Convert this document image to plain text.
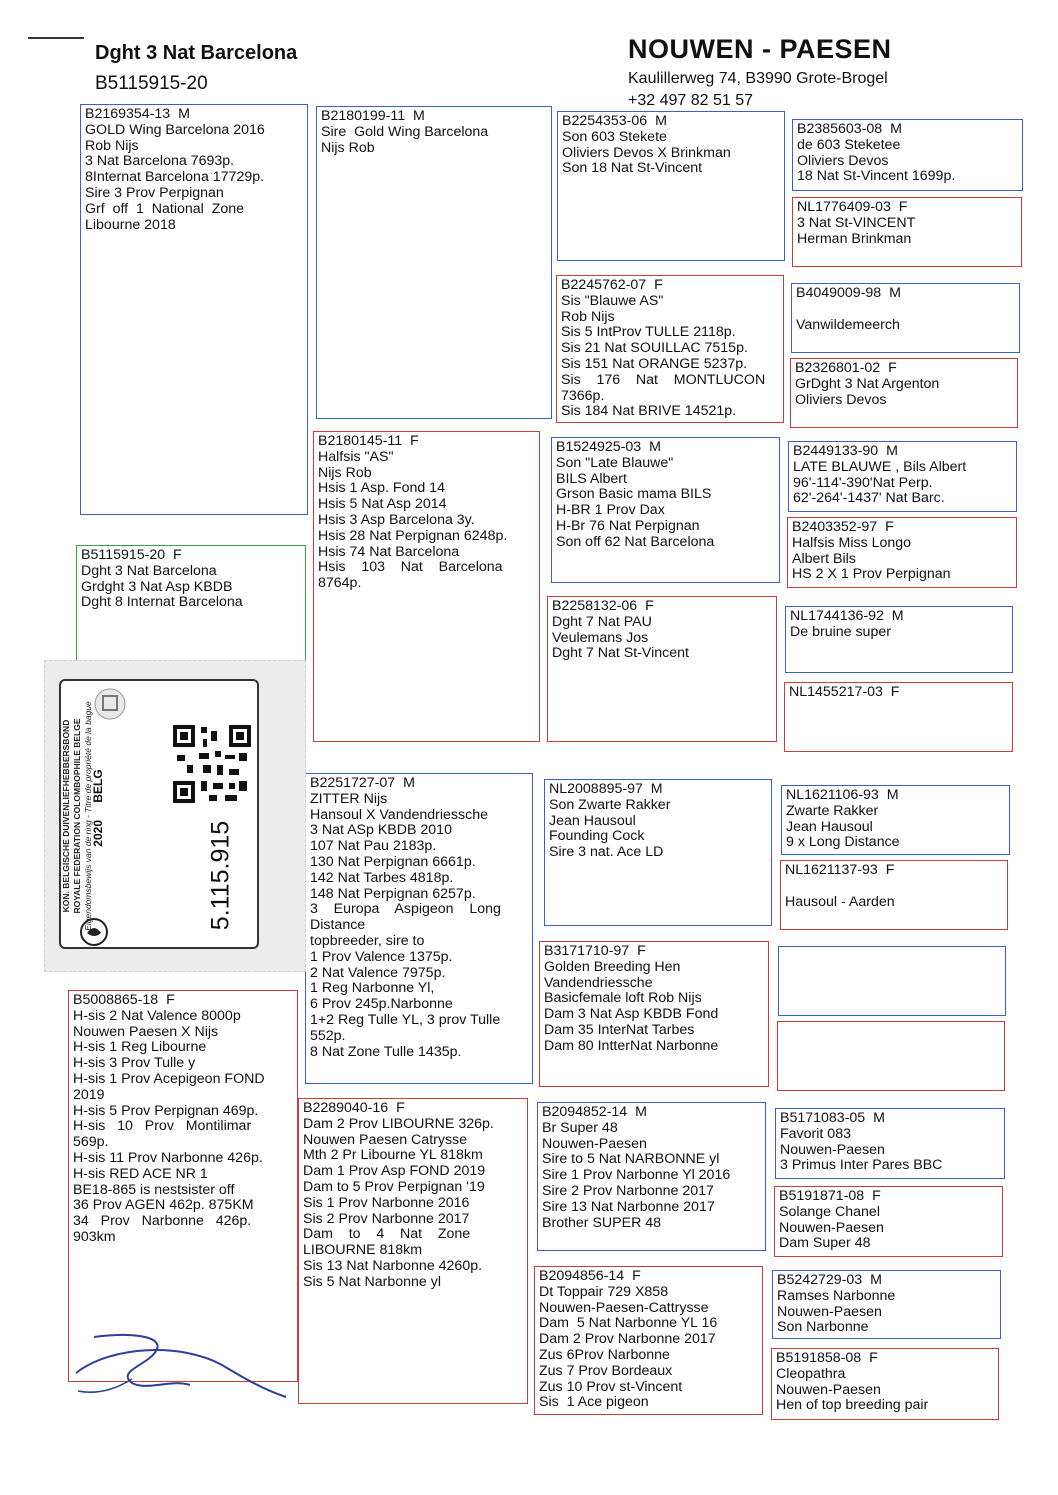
Dght 3 Nat Barcelona
B5115915-20
NOUWEN - PAESEN
Kaulillerweg 74, B3990 Grote-Brogel
+32 497 82 51 57
B2169354-13  M
GOLD Wing Barcelona 2016
Rob Nijs
3 Nat Barcelona 7693p.
8Internat Barcelona 17729p.
Sire 3 Prov Perpignan
Grf  off  1  National  Zone
Libourne 2018
B5115915-20  F
Dght 3 Nat Barcelona
Grdght 3 Nat Asp KBDB
Dght 8 Internat Barcelona
B5008865-18  F
H-sis 2 Nat Valence 8000p
Nouwen Paesen X Nijs
H-sis 1 Reg Libourne
H-sis 3 Prov Tulle y
H-sis 1 Prov Acepigeon FOND
2019
H-sis 5 Prov Perpignan 469p.
H-sis   10   Prov   Montilimar
569p.
H-sis 11 Prov Narbonne 426p.
H-sis RED ACE NR 1
BE18-865 is nestsister off
36 Prov AGEN 462p. 875KM
34   Prov   Narbonne   426p.
903km
B2180199-11  M
Sire  Gold Wing Barcelona
Nijs Rob
B2180145-11  F
Halfsis "AS"
Nijs Rob
Hsis 1 Asp. Fond 14
Hsis 5 Nat Asp 2014
Hsis 3 Asp Barcelona 3y.
Hsis 28 Nat Perpignan 6248p.
Hsis 74 Nat Barcelona
Hsis    103    Nat    Barcelona
8764p.
B2251727-07  M
ZITTER Nijs
Hansoul X Vandendriessche
3 Nat ASp KBDB 2010
107 Nat Pau 2183p.
130 Nat Perpignan 6661p.
142 Nat Tarbes 4818p.
148 Nat Perpignan 6257p.
3    Europa    Aspigeon    Long
Distance
topbreeder, sire to
1 Prov Valence 1375p.
2 Nat Valence 7975p.
1 Reg Narbonne Yl,
6 Prov 245p.Narbonne
1+2 Reg Tulle YL, 3 prov Tulle
552p.
8 Nat Zone Tulle 1435p.
B2289040-16  F
Dam 2 Prov LIBOURNE 326p.
Nouwen Paesen Catrysse
Mth 2 Pr Libourne YL 818km
Dam 1 Prov Asp FOND 2019
Dam to 5 Prov Perpignan '19
Sis 1 Prov Narbonne 2016
Sis 2 Prov Narbonne 2017
Dam    to    4    Nat    Zone
LIBOURNE 818km
Sis 13 Nat Narbonne 4260p.
Sis 5 Nat Narbonne yl
B2254353-06  M
Son 603 Stekete
Oliviers Devos X Brinkman
Son 18 Nat St-Vincent
B2245762-07  F
Sis "Blauwe AS"
Rob Nijs
Sis 5 IntProv TULLE 2118p.
Sis 21 Nat SOUILLAC 7515p.
Sis 151 Nat ORANGE 5237p.
Sis    176    Nat    MONTLUCON
7366p.
Sis 184 Nat BRIVE 14521p.
B1524925-03  M
Son "Late Blauwe"
BILS Albert
Grson Basic mama BILS
H-BR 1 Prov Dax
H-Br 76 Nat Perpignan
Son off 62 Nat Barcelona
B2258132-06  F
Dght 7 Nat PAU
Veulemans Jos
Dght 7 Nat St-Vincent
NL2008895-97  M
Son Zwarte Rakker
Jean Hausoul
Founding Cock
Sire 3 nat. Ace LD
B3171710-97  F
Golden Breeding Hen
Vandendriessche
Basicfemale loft Rob Nijs
Dam 3 Nat Asp KBDB Fond
Dam 35 InterNat Tarbes
Dam 80 IntterNat Narbonne
B2094852-14  M
Br Super 48
Nouwen-Paesen
Sire to 5 Nat NARBONNE yl
Sire 1 Prov Narbonne Yl 2016
Sire 2 Prov Narbonne 2017
Sire 13 Nat Narbonne 2017
Brother SUPER 48
B2094856-14  F
Dt Toppair 729 X858
Nouwen-Paesen-Cattrysse
Dam  5 Nat Narbonne YL 16
Dam 2 Prov Narbonne 2017
Zus 6Prov Narbonne
Zus 7 Prov Bordeaux
Zus 10 Prov st-Vincent
Sis  1 Ace pigeon
B2385603-08  M
de 603 Steketee
Oliviers Devos
18 Nat St-Vincent 1699p.
NL1776409-03  F
3 Nat St-VINCENT
Herman Brinkman
B4049009-98  M

Vanwildemeerch
B2326801-02  F
GrDght 3 Nat Argenton
Oliviers Devos
B2449133-90  M
LATE BLAUWE , Bils Albert
96'-114'-390'Nat Perp.
62'-264'-1437' Nat Barc.
B2403352-97  F
Halfsis Miss Longo
Albert Bils
HS 2 X 1 Prov Perpignan
NL1744136-92  M
De bruine super
NL1455217-03  F
NL1621106-93  M
Zwarte Rakker
Jean Hausoul
9 x Long Distance
NL1621137-93  F

Hausoul - Aarden
B5171083-05  M
Favorit 083
Nouwen-Paesen
3 Primus Inter Pares BBC
B5191871-08  F
Solange Chanel
Nouwen-Paesen
Dam Super 48
B5242729-03  M
Ramses Narbonne
Nouwen-Paesen
Son Narbonne
B5191858-08  F
Cleopathra
Nouwen-Paesen
Hen of top breeding pair
KON. BELGISCHE DUIVENLIEFHEBBERSBOND ROYALE FEDERATION COLOMBOPHILE BELGE Eigendomsbewijs van de ring - Titre de propriété de la bague
2020 BELG
5.115.915
